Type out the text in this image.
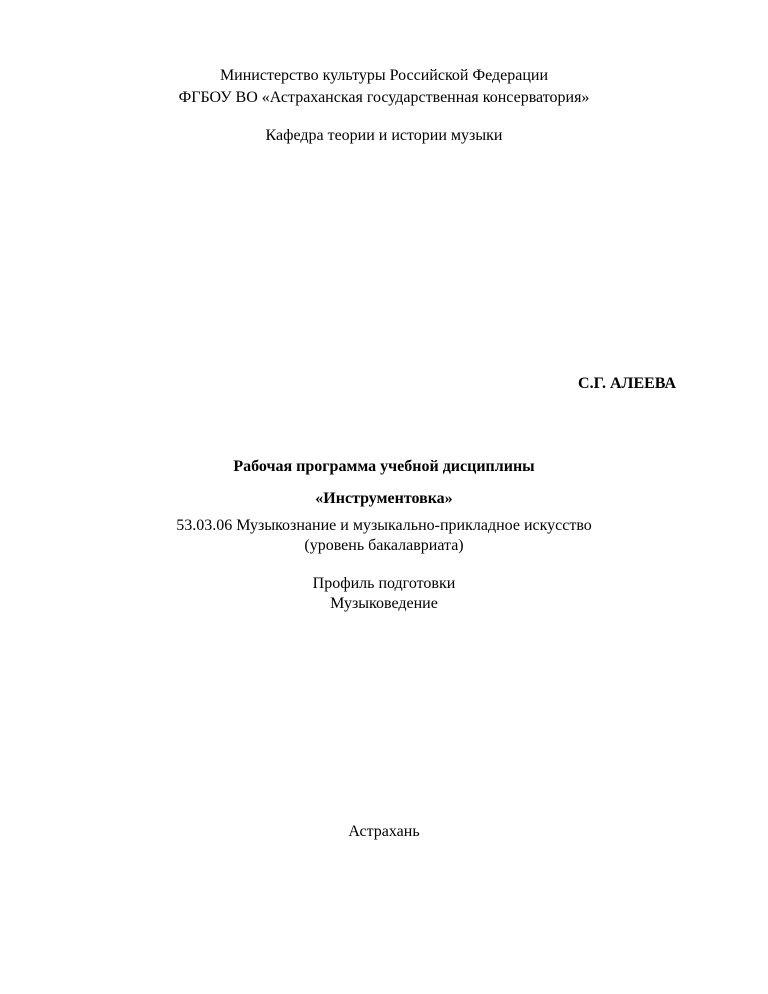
Министерство культуры Российской Федерации
ФГБОУ ВО «Астраханская государственная консерватория»
Кафедра теории и истории музыки
С.Г. АЛЕЕВА
Рабочая программа учебной дисциплины
«Инструментовка»
53.03.06 Музыкознание и музыкально-прикладное искусство
(уровень бакалавриата)
Профиль подготовки
Музыковедение
Астрахань
